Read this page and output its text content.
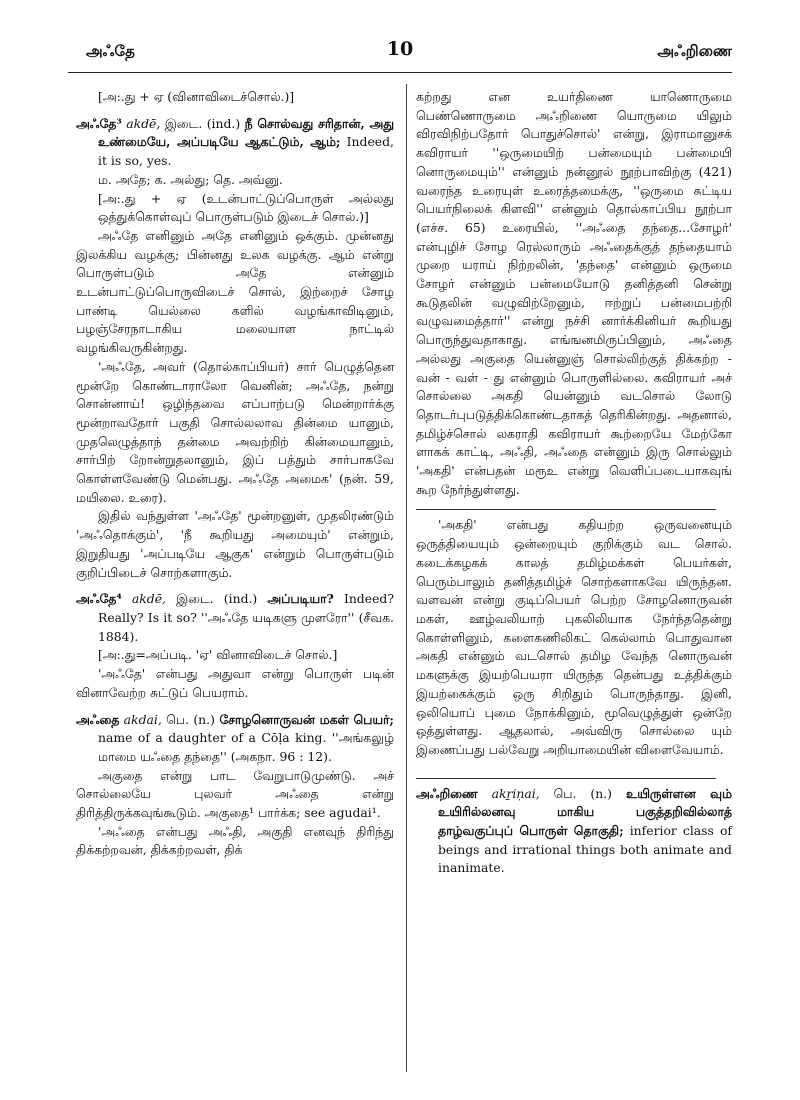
அஃதே	10	அஃறிணை

[அ:.து + ஏ (வினாவிடைச்சொல்.)]

அஃதே³ akdē, இடை. (ind.) நீ சொல்வது சரிதான், அது உண்மையே, அப்படியே ஆகட்டும், ஆம்; Indeed, it is so, yes.

ம. அதே; க. அல்து; தெ. அவ்னு.

[அ:.து + ஏ (உடன்பாட்டுப்பொருள் அல்லது ஒத்துக்கொள்வுப் பொருள்படும் இடைச் சொல்.)]

அஃதே எனினும் அதே எனினும் ஒக்கும். முன்னது இலக்கிய வழக்கு; பின்னது உலக வழக்கு. ஆம் என்று பொருள்படும் அதே என்னும் உடன்பாட்டுப்பொருவிடைச் சொல், இற்றைச் சோழ பாண்டி யெல்லை களில் வழங்காவிடினும், பழஞ்சேரநாடாகிய மலையாள நாட்டில் வழங்கிவருகின்றது.

'அஃதே, அவர் (தொல்காப்பியர்) சார் பெழுத்தென மூன்றே கொண்டாராலோ வெனின்; அஃதே, நன்று சொன்னாய்! ஒழிந்தவை எப்பாற்படு மென்றார்க்கு மூன்றாவதோர் பகுதி சொல்லலாவ தின்மை யானும், முதலெழுத்தாந் தன்மை அவற்றிற் கின்மையானும், சார்பிற் றோன்றுதலானும், இப் பத்தும் சார்பாகவே கொள்ளவேண்டு மென்பது. அஃதே அமைக' (நன். 59, மயிலை. உரை).

இதில் வந்துள்ள 'அஃதே' மூன்றனுள், முதலிரண்டும் 'அஃதொக்கும்', 'நீ கூறியது அமையும்' என்றும், இறுதியது 'அப்படியே ஆகுக' என்றும் பொருள்படும் குறிப்பிடைச் சொற்களாகும்.

அஃதே⁴ akdē, இடை. (ind.) அப்படியா? Indeed? Really? Is it so? ''அஃதே யடிகளு முளரோ'' (சீவக. 1884).

[அ:.து=அப்படி. 'ஏ' வினாவிடைச் சொல்.]

'அஃதே' என்பது அதுவா என்று பொருள் படின் வினாவேற்ற சுட்டுப் பெயராம்.

அஃதை akdai, பெ. (n.) சோழனொருவன் மகள் பெயர்; name of a daughter of a Cōḷa king. ''அங்கலுழ் மாமை யஃதை தந்தை'' (அகநா. 96 : 12).

அகுதை என்று பாட வேறுபாடுமுண்டு. அச் சொல்லையே புலவர் அஃதை என்று திரித்திருக்கவுங்கூடும். அகுதை¹ பார்க்க; see agudai¹.

'அஃதை என்பது அஃதி, அகுதி எனவுந் திரிந்து திக்கற்றவன், திக்கற்றவள், திக்

கற்றது என உயர்திணை யாணொருமை பெண்ணொருமை அஃறிணை யொருமை யிலும் விரவிநிற்பதோர் பொதுச்சொல்' என்று, இராமானுசக் கவிராயர் ''ஒருமையிற் பன்மையும் பன்மையி னொருமையும்'' என்னும் நன்னூல் நூற்பாவிற்கு (421) வரைந்த உரையுள் உரைத்தமைக்கு, ''ஒருமை சுட்டிய பெயர்நிலைக் கிளவி'' என்னும் தொல்காப்பிய நூற்பா (எச்ச. 65) உரையில், ''அஃதை தந்தை...சோழர்' என்புழிச் சோழ ரெல்லாரும் அஃதைக்குத் தந்தையாம் முறை யராய் நிற்றலின், 'தந்தை' என்னும் ஒருமை சோழர் என்னும் பன்மையோடு தனித்தனி சென்று கூடுதலின் வழுவிற்றேனும், ஈற்றுப் பன்மைபற்றி வழுவமைத்தார்'' என்று நச்சி னார்க்கினியர் கூறியது பொருந்துவதாகாது. எங்ஙனமிருப்பினும், அஃதை அல்லது அகுதை யென்னுஞ் சொல்லிற்குத் திக்கற்ற - வன் - வள் - து என்னும் பொருளில்லை. கவிராயர் அச் சொல்லை அகதி யென்னும் வடசொல் லோடு தொடர்புபடுத்திக்கொண்டதாகத் தெரிகின்றது. அதனால், தமிழ்ச்சொல் லகராதி கவிராயர் கூற்றையே மேற்கோ ளாகக் காட்டி, அஃதி, அஃதை என்னும் இரு சொல்லும் 'அகதி' என்பதன் மரூஉ என்று வெளிப்படையாகவுங் கூற நேர்ந்துள்ளது.

'அகதி' என்பது கதியற்ற ஒருவனையும் ஒருத்தியையும் ஒன்றையும் குறிக்கும் வட சொல். கடைக்கழகக் காலத் தமிழ்மக்கள் பெயர்கள், பெரும்பாலும் தனித்தமிழ்ச் சொற்களாகவே யிருந்தன. வளவன் என்று குடிப்பெயர் பெற்ற சோழனொருவன் மகள், ஊழ்வலியாற் புகலிலியாக நேர்ந்ததென்று கொள்ளினும், களைகணிலிகட் கெல்லாம் பொதுவான அகதி என்னும் வடசொல் தமிழ வேந்த னொருவன் மகளுக்கு இயற்பெயரா யிருந்த தென்பது உத்திக்கும் இயற்கைக்கும் ஒரு சிறிதும் பொருந்தாது. இனி, ஒலியொப் புமை நோக்கினும், மூவெழுத்துள் ஒன்றே ஒத்துள்ளது. ஆதலால், அவ்விரு சொல்லை யும் இணைப்பது பல்வேறு அறியாமையின் விளைவேயாம்.

அஃறிணை akṟiṇai, பெ. (n.) உயிருள்ளன வும் உயிரில்லனவு மாகிய பகுத்தறிவில்லாத் தாழ்வகுப்புப் பொருள் தொகுதி; inferior class of beings and irrational things both animate and inanimate.
